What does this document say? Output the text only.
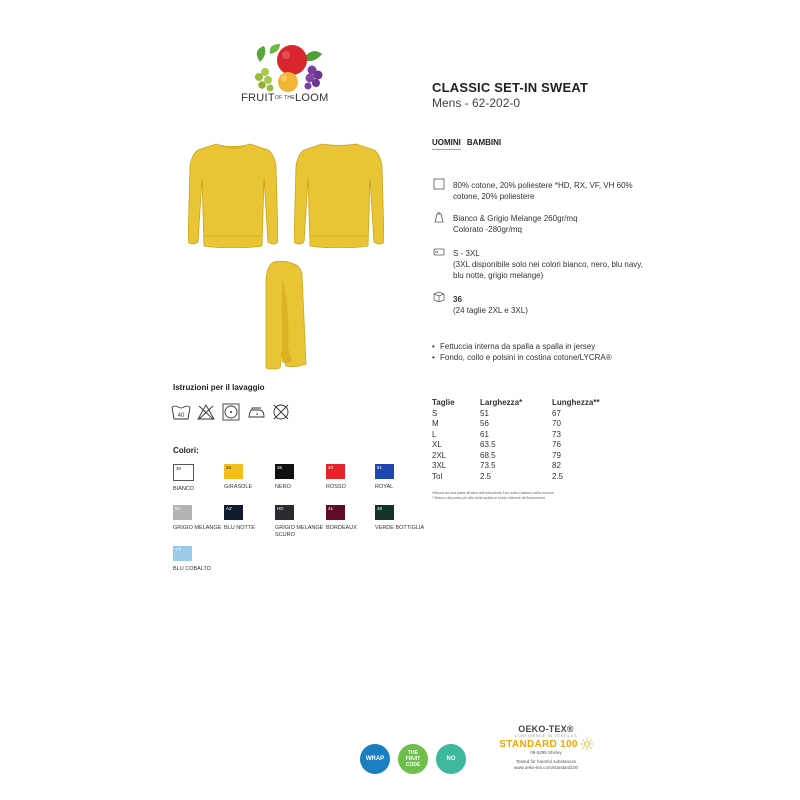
FRUITOF THELOOM
CLASSIC SET-IN SWEAT
Mens - 62-202-0
UOMINI BAMBINI
80% cotone, 20% poliestere *HD, RX, VF, VH 60% cotone, 20% poliestere
Bianco & Grigio Melange 260gr/mq
Colorato -280gr/mq
S - 3XL
(3XL disponibile solo nei colori bianco, nero, blu navy, blu notte, grigio melange)
36
(24 taglie 2XL e 3XL)
• Fettuccia interna da spalla a spalla in jersey
• Fondo, collo e polsini in costina cotone/LYCRA®
Taglie	Larghezza*	Lunghezza**
S	51	67
M	56	70
L	61	73
XL	63.5	76
2XL	68.5	79
3XL	73.5	82
Tol	2.5	2.5
*Misura da una parte all'altra dell'indumento 1cm sotto l'attacco della manica
**Misura dal punto più alto della spalla al bordo inferiore dell'indumento
Istruzioni per il lavaggio
40
Colori:
30
BIANCO
34
GIRASOLE
36
NERO
40
ROSSO
51
ROYAL
94
GRIGIO MELANGE
AZ
BLU NOTTE
HD
GRIGIO MELANGE SCURO
41
BORDEAUX
38
VERDE BOTTIGLIA
YT
BLU COBALTO
WRAP
THE FRUIT CODE
NO
OEKO-TEX®
CONFIDENCE IN TEXTILES
STANDARD 100
08-5295 Shirley
Tested for harmful substances
www.oeko-tex.com/standard100
